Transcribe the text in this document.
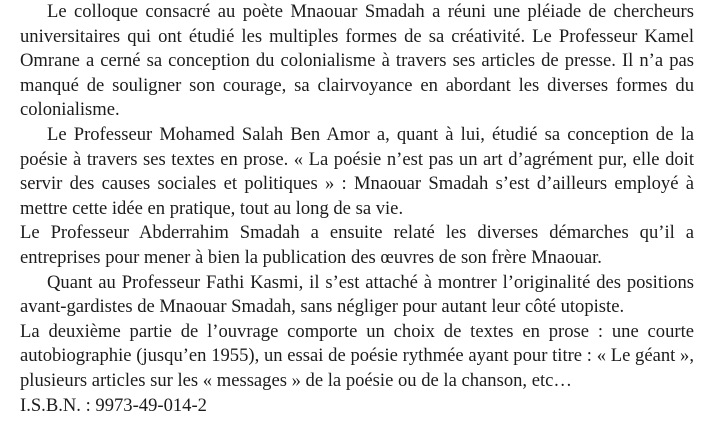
Le colloque consacré au poète Mnaouar Smadah a réuni une pléiade de chercheurs universitaires qui ont étudié les multiples formes de sa créativité. Le Professeur Kamel Omrane a cerné sa conception du colonialisme à travers ses articles de presse. Il n’a pas manqué de souligner son courage, sa clairvoyance en abordant les diverses formes du colonialisme.

Le Professeur Mohamed Salah Ben Amor a, quant à lui, étudié sa conception de la poésie à travers ses textes en prose. « La poésie n’est pas un art d’agrément pur, elle doit servir des causes sociales et politiques » : Mnaouar Smadah s’est d’ailleurs employé à mettre cette idée en pratique, tout au long de sa vie.

Le Professeur Abderrahim Smadah a ensuite relaté les diverses démarches qu’il a entreprises pour mener à bien la publication des œuvres de son frère Mnaouar.

Quant au Professeur Fathi Kasmi, il s’est attaché à montrer l’originalité des positions avant-gardistes de Mnaouar Smadah, sans négliger pour autant leur côté utopiste.

La deuxième partie de l’ouvrage comporte un choix de textes en prose : une courte autobiographie (jusqu’en 1955), un essai de poésie rythmée ayant pour titre : « Le géant », plusieurs articles sur les « messages » de la poésie ou de la chanson, etc…

I.S.B.N. : 9973-49-014-2
